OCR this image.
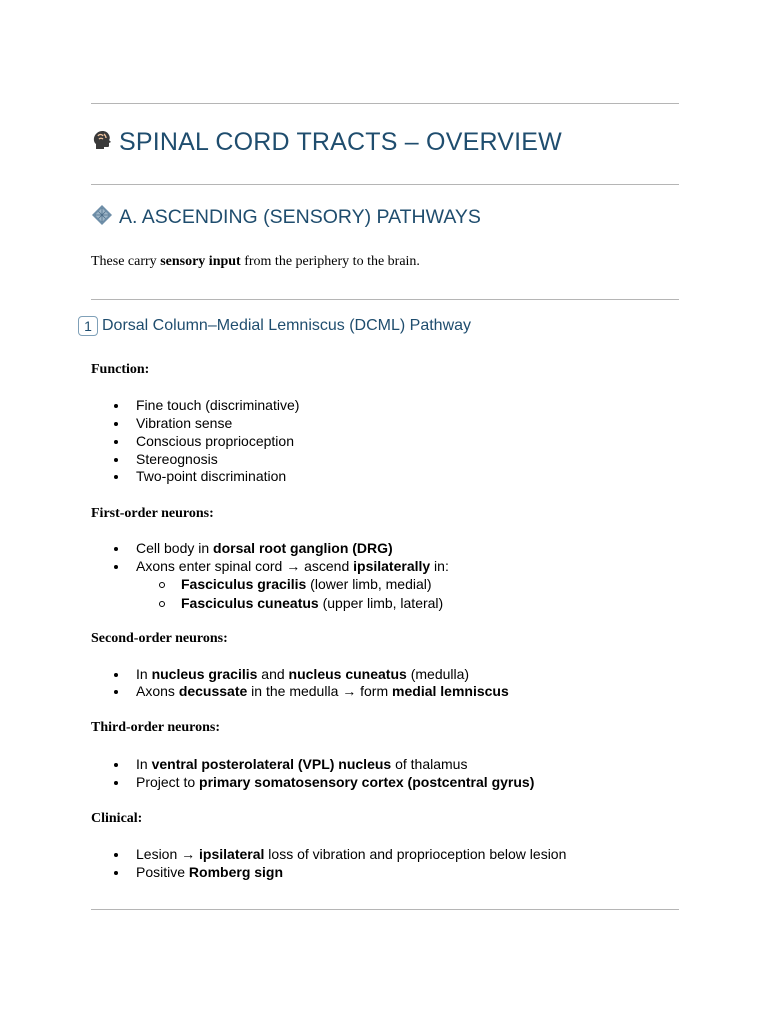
SPINAL CORD TRACTS – OVERVIEW
A. ASCENDING (SENSORY) PATHWAYS
These carry sensory input from the periphery to the brain.
1 Dorsal Column–Medial Lemniscus (DCML) Pathway
Function:
Fine touch (discriminative)
Vibration sense
Conscious proprioception
Stereognosis
Two-point discrimination
First-order neurons:
Cell body in dorsal root ganglion (DRG)
Axons enter spinal cord → ascend ipsilaterally in:
Fasciculus gracilis (lower limb, medial)
Fasciculus cuneatus (upper limb, lateral)
Second-order neurons:
In nucleus gracilis and nucleus cuneatus (medulla)
Axons decussate in the medulla → form medial lemniscus
Third-order neurons:
In ventral posterolateral (VPL) nucleus of thalamus
Project to primary somatosensory cortex (postcentral gyrus)
Clinical:
Lesion → ipsilateral loss of vibration and proprioception below lesion
Positive Romberg sign
